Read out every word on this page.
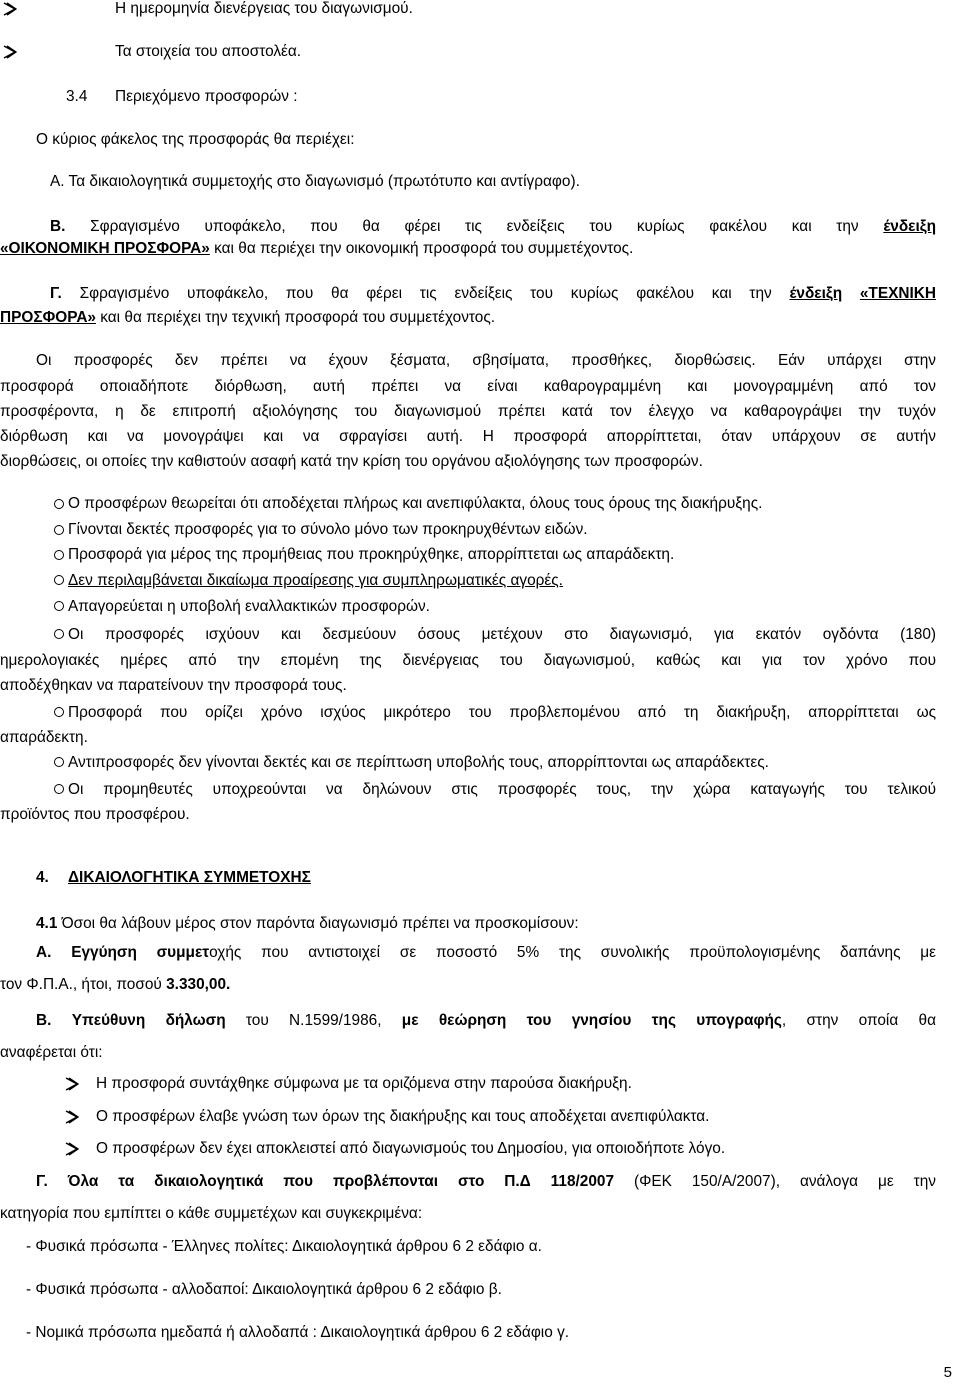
Η ημερομηνία διενέργειας του διαγωνισμού.
Τα στοιχεία του αποστολέα.
3.4 Περιεχόμενο προσφορών :
Ο κύριος φάκελος της προσφοράς θα περιέχει:
Α. Τα δικαιολογητικά συμμετοχής στο διαγωνισμό (πρωτότυπο και αντίγραφο).
Β. Σφραγισμένο υποφάκελο, που θα φέρει τις ενδείξεις του κυρίως φακέλου και την ένδειξη
«ΟΙΚΟΝΟΜΙΚΗ ΠΡΟΣΦΟΡΑ» και θα περιέχει την οικονομική προσφορά του συμμετέχοντος.
Γ. Σφραγισμένο υποφάκελο, που θα φέρει τις ενδείξεις του κυρίως φακέλου και την ένδειξη «ΤΕΧΝΙΚΗ
ΠΡΟΣΦΟΡΑ» και θα περιέχει την τεχνική προσφορά του συμμετέχοντος.
Οι προσφορές δεν πρέπει να έχουν ξέσματα, σβησίματα, προσθήκες, διορθώσεις. Εάν υπάρχει στην
προσφορά οποιαδήποτε διόρθωση, αυτή πρέπει να είναι καθαρογραμμένη και μονογραμμένη από τον
προσφέροντα, η δε επιτροπή αξιολόγησης του διαγωνισμού πρέπει κατά τον έλεγχο να καθαρογράψει την τυχόν
διόρθωση και να μονογράψει και να σφραγίσει αυτή. Η προσφορά απορρίπτεται, όταν υπάρχουν σε αυτήν
διορθώσεις, οι οποίες την καθιστούν ασαφή κατά την κρίση του οργάνου αξιολόγησης των προσφορών.
Ο προσφέρων θεωρείται ότι αποδέχεται πλήρως και ανεπιφύλακτα, όλους τους όρους της διακήρυξης.
Γίνονται δεκτές προσφορές για το σύνολο μόνο των προκηρυχθέντων ειδών.
Προσφορά για μέρος της προμήθειας που προκηρύχθηκε, απορρίπτεται ως απαράδεκτη.
Δεν περιλαμβάνεται δικαίωμα προαίρεσης για συμπληρωματικές αγορές.
Απαγορεύεται η υποβολή εναλλακτικών προσφορών.
Οι προσφορές ισχύουν και δεσμεύουν όσους μετέχουν στο διαγωνισμό, για εκατόν ογδόντα (180)
ημερολογιακές ημέρες από την επομένη της διενέργειας του διαγωνισμού, καθώς και για τον χρόνο που
αποδέχθηκαν να παρατείνουν την προσφορά τους.
Προσφορά που ορίζει χρόνο ισχύος μικρότερο του προβλεπομένου από τη διακήρυξη, απορρίπτεται ως
απαράδεκτη.
Αντιπροσφορές δεν γίνονται δεκτές και σε περίπτωση υποβολής τους, απορρίπτονται ως απαράδεκτες.
Οι προμηθευτές υποχρεούνται να δηλώνουν στις προσφορές τους, την χώρα καταγωγής του τελικού
προϊόντος που προσφέρου.
4. ΔΙΚΑΙΟΛΟΓΗΤΙΚΑ ΣΥΜΜΕΤΟΧΗΣ
4.1 Όσοι θα λάβουν μέρος στον παρόντα διαγωνισμό πρέπει να προσκομίσουν:
Α. Εγγύηση συμμετοχής που αντιστοιχεί σε ποσοστό 5% της συνολικής προϋπολογισμένης δαπάνης με
τον Φ.Π.Α., ήτοι, ποσού 3.330,00.
Β. Υπεύθυνη δήλωση του Ν.1599/1986, με θεώρηση του γνησίου της υπογραφής, στην οποία θα
αναφέρεται ότι:
Η προσφορά συντάχθηκε σύμφωνα με τα οριζόμενα στην παρούσα διακήρυξη.
Ο προσφέρων έλαβε γνώση των όρων της διακήρυξης και τους αποδέχεται ανεπιφύλακτα.
Ο προσφέρων δεν έχει αποκλειστεί από διαγωνισμούς του Δημοσίου, για οποιοδήποτε λόγο.
Γ. Όλα τα δικαιολογητικά που προβλέπονται στο Π.Δ 118/2007 (ΦΕΚ 150/Α/2007), ανάλογα με την
κατηγορία που εμπίπτει ο κάθε συμμετέχων και συγκεκριμένα:
- Φυσικά πρόσωπα - Έλληνες πολίτες: Δικαιολογητικά άρθρου 6 2 εδάφιο α.
- Φυσικά πρόσωπα - αλλοδαποί: Δικαιολογητικά άρθρου 6 2 εδάφιο β.
- Νομικά πρόσωπα ημεδαπά ή αλλοδαπά : Δικαιολογητικά άρθρου 6 2 εδάφιο γ.
5
